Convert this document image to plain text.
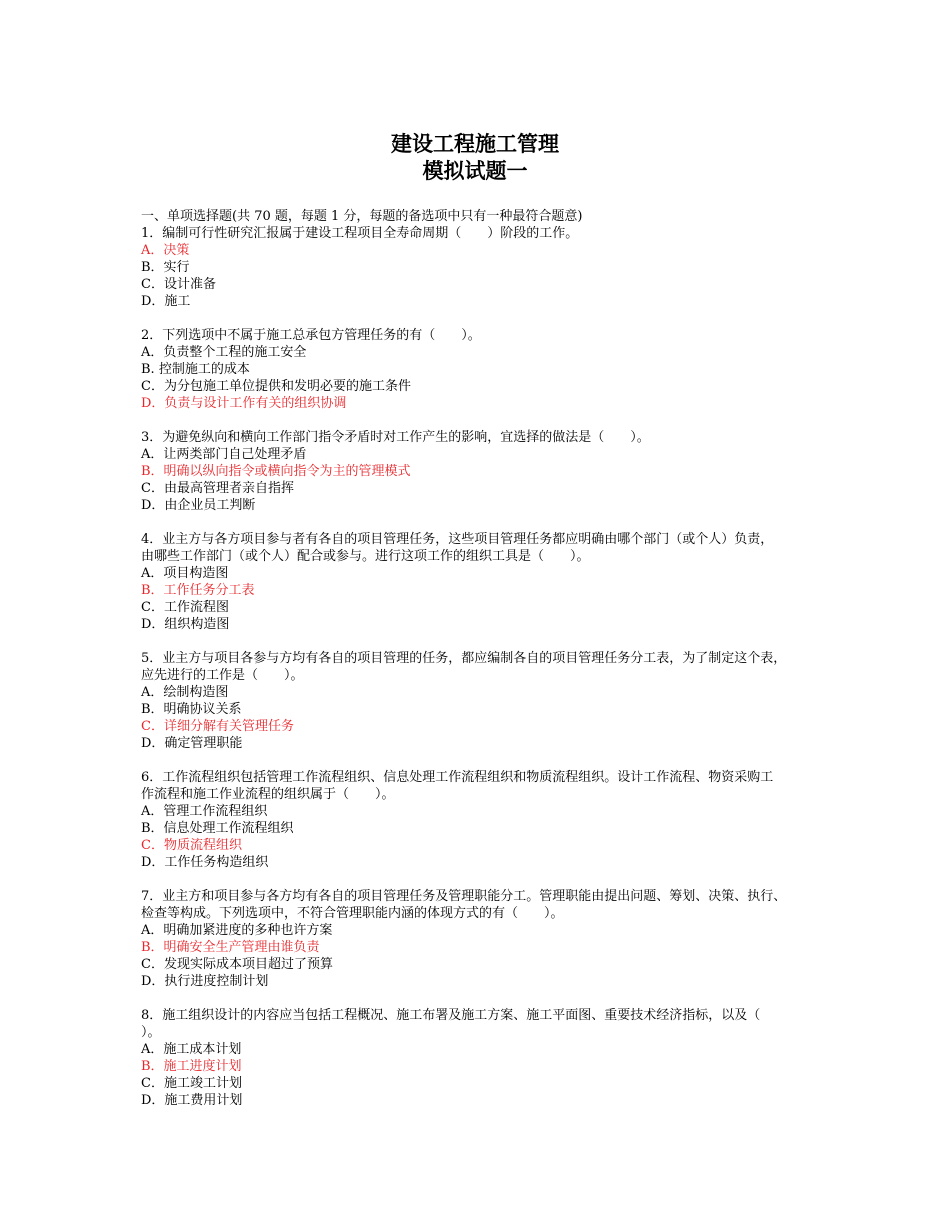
建设工程施工管理
模拟试题一
一、单项选择题(共 70 题，每题 1 分，每题的备选项中只有一种最符合题意)
1．编制可行性研究汇报属于建设工程项目全寿命周期（　　）阶段的工作。
A．决策
B．实行
C．设计准备
D．施工
2．下列选项中不属于施工总承包方管理任务的有（　　）。
A．负责整个工程的施工安全
B. 控制施工的成本
C．为分包施工单位提供和发明必要的施工条件
D．负责与设计工作有关的组织协调
3．为避免纵向和横向工作部门指令矛盾时对工作产生的影响，宜选择的做法是（　　）。
A．让两类部门自己处理矛盾
B．明确以纵向指令或横向指令为主的管理模式
C．由最高管理者亲自指挥
D．由企业员工判断
4．业主方与各方项目参与者有各自的项目管理任务，这些项目管理任务都应明确由哪个部门（或个人）负责，
由哪些工作部门（或个人）配合或参与。进行这项工作的组织工具是（　　）。
A．项目构造图
B．工作任务分工表
C．工作流程图
D．组织构造图
5．业主方与项目各参与方均有各自的项目管理的任务，都应编制各自的项目管理任务分工表，为了制定这个表，
应先进行的工作是（　　）。
A．绘制构造图
B．明确协议关系
C．详细分解有关管理任务
D．确定管理职能
6．工作流程组织包括管理工作流程组织、信息处理工作流程组织和物质流程组织。设计工作流程、物资采购工
作流程和施工作业流程的组织属于（　　）。
A．管理工作流程组织
B．信息处理工作流程组织
C．物质流程组织
D．工作任务构造组织
7．业主方和项目参与各方均有各自的项目管理任务及管理职能分工。管理职能由提出问题、筹划、决策、执行、
检查等构成。下列选项中，不符合管理职能内涵的体现方式的有（　　）。
A．明确加紧进度的多种也许方案
B．明确安全生产管理由谁负责
C．发现实际成本项目超过了预算
D．执行进度控制计划
8．施工组织设计的内容应当包括工程概况、施工布署及施工方案、施工平面图、重要技术经济指标，以及（
）。
A．施工成本计划
B．施工进度计划
C．施工竣工计划
D．施工费用计划
